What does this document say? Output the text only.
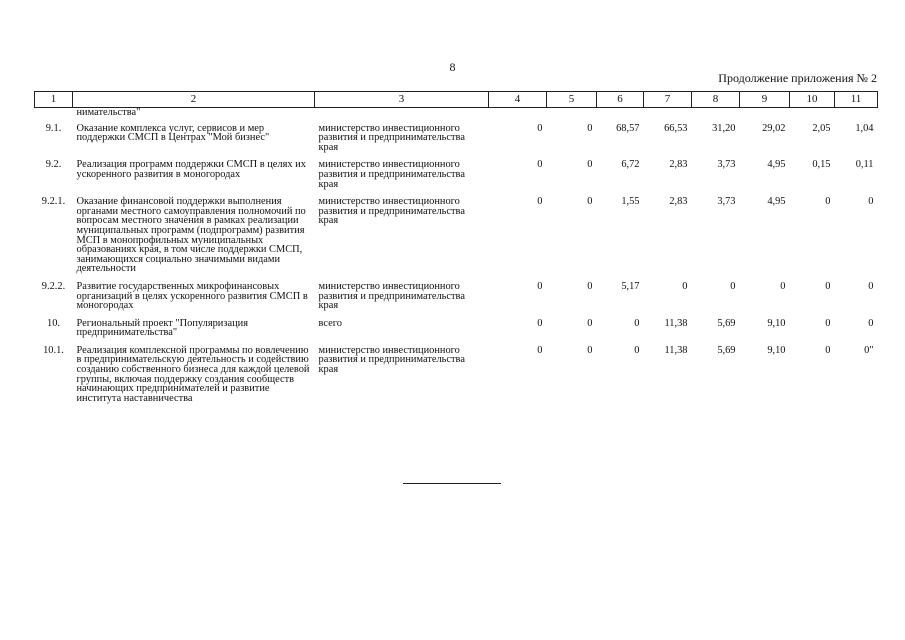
8
Продолжение приложения № 2
1	2	3	4	5	6	7	8	9	10	11
	нимательства"									
9.1.	Оказание комплекса услуг, сервисов и мер поддержки СМСП в Центрах "Мой бизнес"	министерство инвестиционного развития и предпринимательства края	0	0	68,57	66,53	31,20	29,02	2,05	1,04
9.2.	Реализация программ поддержки СМСП в целях их ускоренного развития в моногородах	министерство инвестиционного развития и предпринимательства края	0	0	6,72	2,83	3,73	4,95	0,15	0,11
9.2.1.	Оказание финансовой поддержки выполнения органами местного самоуправления полномочий по вопросам местного значения в рамках реализации муниципальных программ (подпрограмм) развития МСП в монопрофильных муниципальных образованиях края, в том числе поддержки СМСП, занимающихся социально значимыми видами деятельности	министерство инвестиционного развития и предпринимательства края	0	0	1,55	2,83	3,73	4,95	0	0
9.2.2.	Развитие государственных микрофинансовых организаций в целях ускоренного развития СМСП в моногородах	министерство инвестиционного развития и предпринимательства края	0	0	5,17	0	0	0	0	0
10.	Региональный проект "Популяризация предпринимательства"	всего	0	0	0	11,38	5,69	9,10	0	0
10.1.	Реализация комплексной программы по вовлечению в предпринимательскую деятельность и содействию созданию собственного бизнеса для каждой целевой группы, включая поддержку создания сообществ начинающих предпринимателей и развитие института наставничества	министерство инвестиционного развития и предпринимательства края	0	0	0	11,38	5,69	9,10	0	0"
